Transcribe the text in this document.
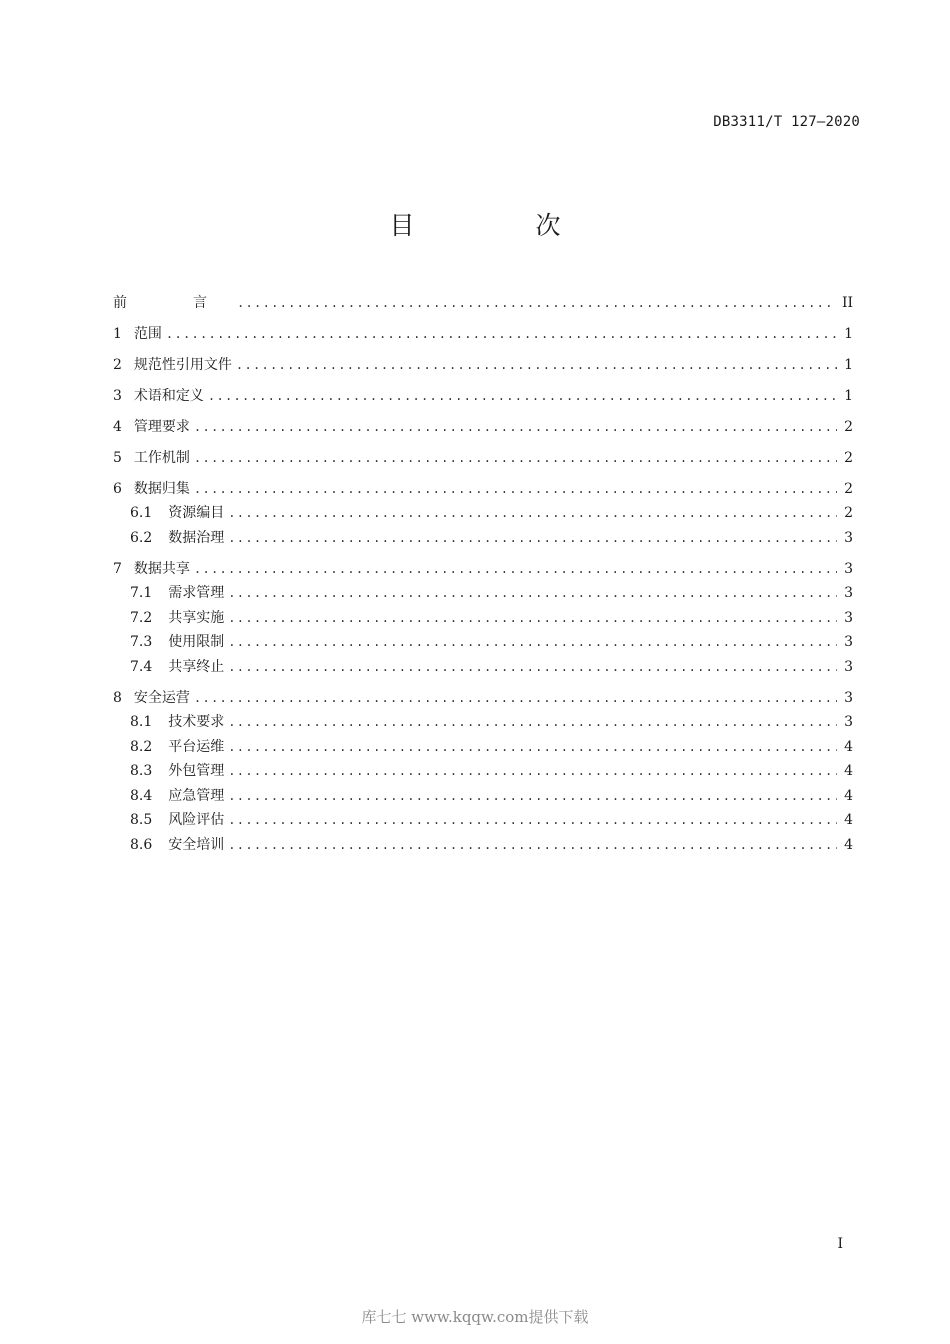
DB3311/T 127—2020
目　次
前　言 .....	II
1 范围 .....	1
2 规范性引用文件 .....	1
3 术语和定义 .....	1
4 管理要求 .....	2
5 工作机制 .....	2
6 数据归集 .....	2
6.1 资源编目 .....	2
6.2 数据治理 .....	3
7 数据共享 .....	3
7.1 需求管理 .....	3
7.2 共享实施 .....	3
7.3 使用限制 .....	3
7.4 共享终止 .....	3
8 安全运营 .....	3
8.1 技术要求 .....	3
8.2 平台运维 .....	4
8.3 外包管理 .....	4
8.4 应急管理 .....	4
8.5 风险评估 .....	4
8.6 安全培训 .....	4
I
库七七 www.kqqw.com提供下载
